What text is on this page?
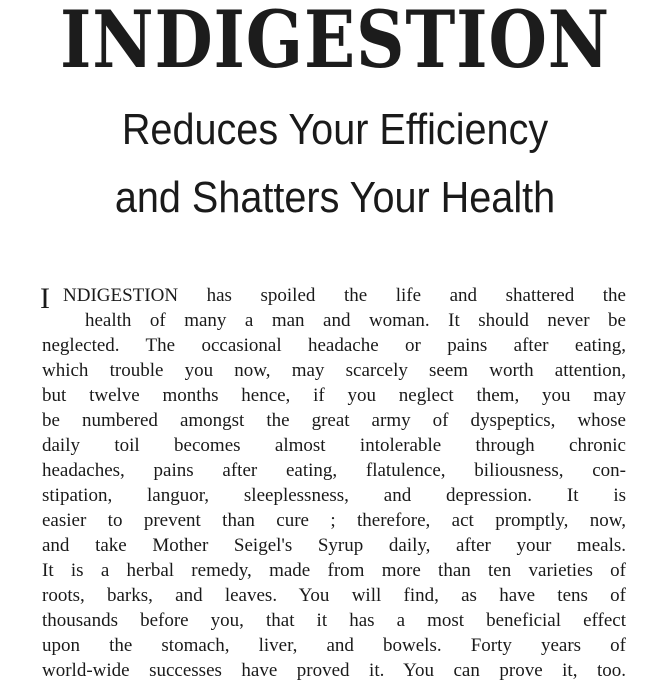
INDIGESTION
Reduces Your Efficiency
and Shatters Your Health
I NDIGESTION has spoiled the life and shattered the
health of many a man and woman. It should never be
neglected. The occasional headache or pains after eating,
which trouble you now, may scarcely seem worth attention,
but twelve months hence, if you neglect them, you may
be numbered amongst the great army of dyspeptics, whose
daily toil becomes almost intolerable through chronic
headaches, pains after eating, flatulence, biliousness, con-
stipation, languor, sleeplessness, and depression. It is
easier to prevent than cure ; therefore, act promptly, now,
and take Mother Seigel's Syrup daily, after your meals.
It is a herbal remedy, made from more than ten varieties of
roots, barks, and leaves. You will find, as have tens of
thousands before you, that it has a most beneficial effect
upon the stomach, liver, and bowels. Forty years of
world-wide successes have proved it. You can prove it, too.
